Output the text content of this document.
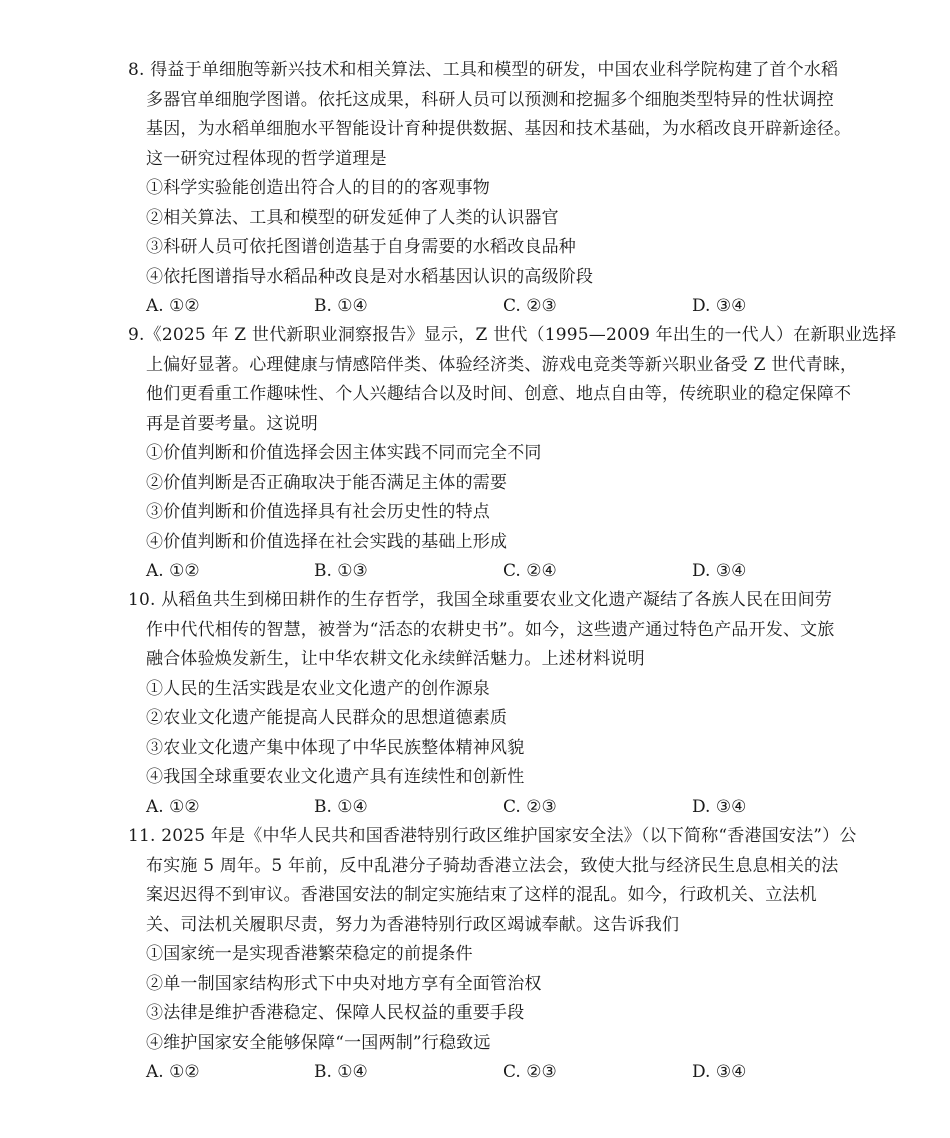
8. 得益于单细胞等新兴技术和相关算法、工具和模型的研发，中国农业科学院构建了首个水稻
多器官单细胞学图谱。依托这成果，科研人员可以预测和挖掘多个细胞类型特异的性状调控
基因，为水稻单细胞水平智能设计育种提供数据、基因和技术基础，为水稻改良开辟新途径。
这一研究过程体现的哲学道理是
①科学实验能创造出符合人的目的的客观事物
②相关算法、工具和模型的研发延伸了人类的认识器官
③科研人员可依托图谱创造基于自身需要的水稻改良品种
④依托图谱指导水稻品种改良是对水稻基因认识的高级阶段
A. ①②	B. ①④	C. ②③	D. ③④
9.《2025 年 Z 世代新职业洞察报告》显示，Z 世代（1995—2009 年出生的一代人）在新职业选择
上偏好显著。心理健康与情感陪伴类、体验经济类、游戏电竞类等新兴职业备受 Z 世代青睐，
他们更看重工作趣味性、个人兴趣结合以及时间、创意、地点自由等，传统职业的稳定保障不
再是首要考量。这说明
①价值判断和价值选择会因主体实践不同而完全不同
②价值判断是否正确取决于能否满足主体的需要
③价值判断和价值选择具有社会历史性的特点
④价值判断和价值选择在社会实践的基础上形成
A. ①②	B. ①③	C. ②④	D. ③④
10. 从稻鱼共生到梯田耕作的生存哲学，我国全球重要农业文化遗产凝结了各族人民在田间劳
作中代代相传的智慧，被誉为“活态的农耕史书”。如今，这些遗产通过特色产品开发、文旅
融合体验焕发新生，让中华农耕文化永续鲜活魅力。上述材料说明
①人民的生活实践是农业文化遗产的创作源泉
②农业文化遗产能提高人民群众的思想道德素质
③农业文化遗产集中体现了中华民族整体精神风貌
④我国全球重要农业文化遗产具有连续性和创新性
A. ①②	B. ①④	C. ②③	D. ③④
11. 2025 年是《中华人民共和国香港特别行政区维护国家安全法》（以下简称“香港国安法”）公
布实施 5 周年。5 年前，反中乱港分子骑劫香港立法会，致使大批与经济民生息息相关的法
案迟迟得不到审议。香港国安法的制定实施结束了这样的混乱。如今，行政机关、立法机
关、司法机关履职尽责，努力为香港特别行政区竭诚奉献。这告诉我们
①国家统一是实现香港繁荣稳定的前提条件
②单一制国家结构形式下中央对地方享有全面管治权
③法律是维护香港稳定、保障人民权益的重要手段
④维护国家安全能够保障“一国两制”行稳致远
A. ①②	B. ①④	C. ②③	D. ③④
